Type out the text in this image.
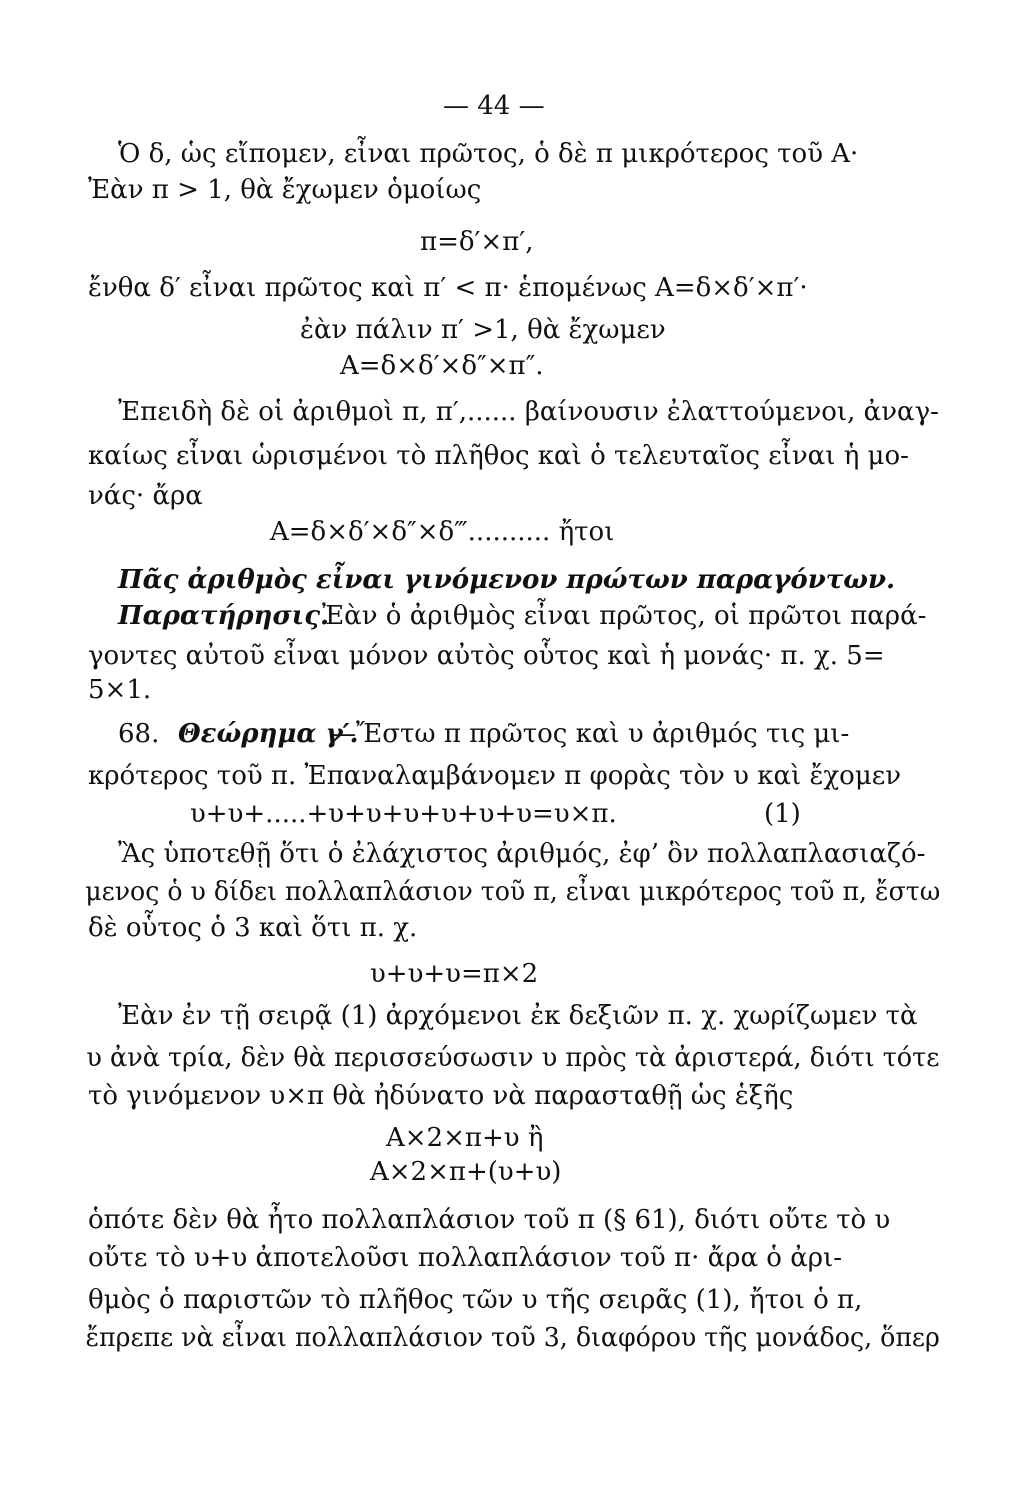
— 44 —
Ὁ δ, ὡς εἴπομεν, εἶναι πρῶτος, ὁ δὲ π μικρότερος τοῦ Α·
Ἐὰν π > 1, θὰ ἔχωμεν ὁμοίως
π=δ′×π′,
ἔνθα δ′ εἶναι πρῶτος καὶ π′ < π· ἑπομένως Α=δ×δ′×π′·
ἐὰν πάλιν π′ >1, θὰ ἔχωμεν
Α=δ×δ′×δ″×π″.
Ἐπειδὴ δὲ οἱ ἀριθμοὶ π, π′,...... βαίνουσιν ἐλαττούμενοι, ἀναγ-
καίως εἶναι ὡρισμένοι τὸ πλῆθος καὶ ὁ τελευταῖος εἶναι ἡ μο-
νάς· ἄρα
Α=δ×δ′×δ″×δ‴.......... ἤτοι
Πᾶς ἀριθμὸς εἶναι γινόμενον πρώτων παραγόντων.
Παρατήρησις.
Ἐὰν ὁ ἀριθμὸς εἶναι πρῶτος, οἱ πρῶτοι παρά-
γοντες αὐτοῦ εἶναι μόνον αὐτὸς οὗτος καὶ ἡ μονάς· π. χ. 5=
5×1.
68. Θεώρημα γ′.
—Ἔστω π πρῶτος καὶ υ ἀριθμός τις μι-
κρότερος τοῦ π. Ἐπαναλαμβάνομεν π φορὰς τὸν υ καὶ ἔχομεν
υ+υ+.....+υ+υ+υ+υ+υ+υ=υ×π.	(1)
Ἂς ὑποτεθῇ ὅτι ὁ ἐλάχιστος ἀριθμός, ἐφ’ ὃν πολλαπλασιαζό-
μενος ὁ υ δίδει πολλαπλάσιον τοῦ π, εἶναι μικρότερος τοῦ π, ἔστω
δὲ οὗτος ὁ 3 καὶ ὅτι π. χ.
υ+υ+υ=π×2
Ἐὰν ἐν τῇ σειρᾷ (1) ἀρχόμενοι ἐκ δεξιῶν π. χ. χωρίζωμεν τὰ
υ ἀνὰ τρία, δὲν θὰ περισσεύσωσιν υ πρὸς τὰ ἀριστερά, διότι τότε
τὸ γινόμενον υ×π θὰ ἠδύνατο νὰ παρασταθῇ ὡς ἑξῆς
Α×2×π+υ ἢ
Α×2×π+(υ+υ)
ὁπότε δὲν θὰ ἦτο πολλαπλάσιον τοῦ π (§ 61), διότι οὔτε τὸ υ
οὔτε τὸ υ+υ ἀποτελοῦσι πολλαπλάσιον τοῦ π· ἄρα ὁ ἀρι-
θμὸς ὁ παριστῶν τὸ πλῆθος τῶν υ τῆς σειρᾶς (1), ἤτοι ὁ π,
ἔπρεπε νὰ εἶναι πολλαπλάσιον τοῦ 3, διαφόρου τῆς μονάδος, ὅπερ
